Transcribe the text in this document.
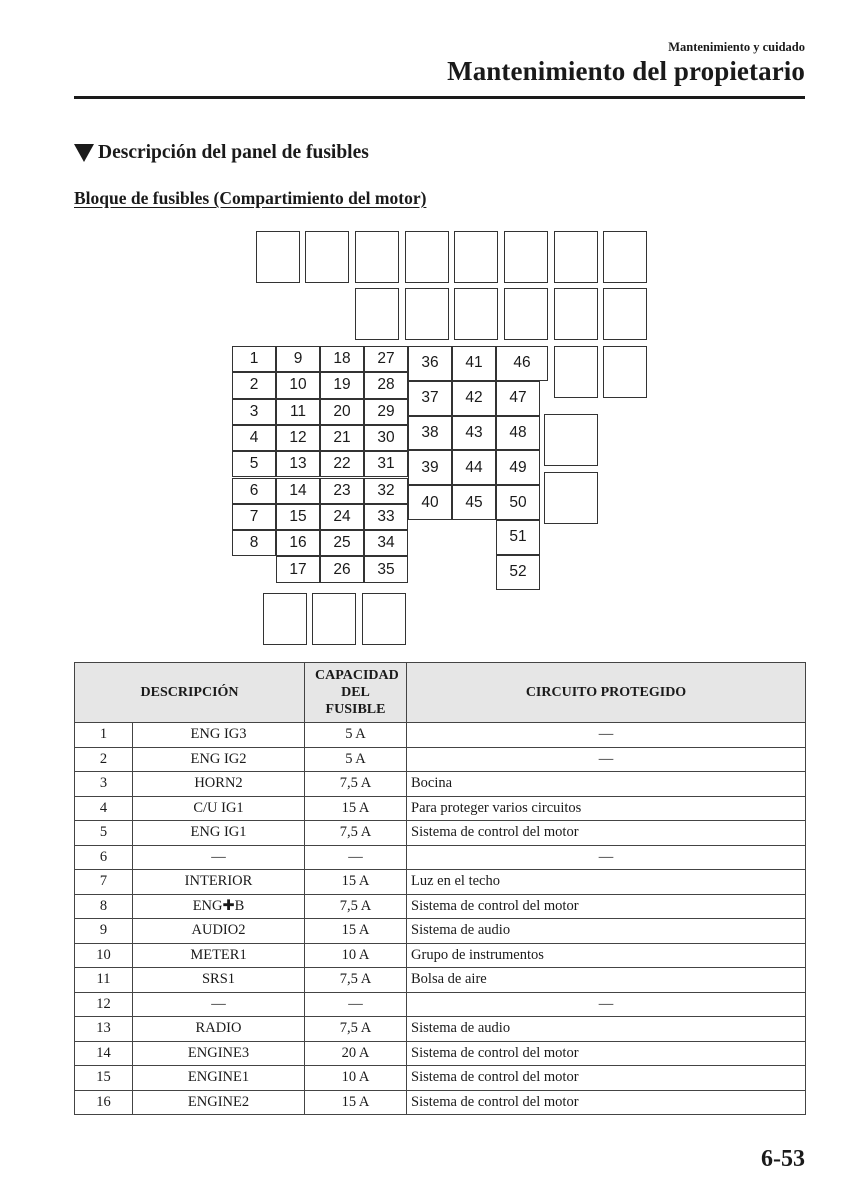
Mantenimiento y cuidado
Mantenimiento del propietario
Descripción del panel de fusibles
Bloque de fusibles (Compartimiento del motor)
1
2
3
4
5
6
7
8
9
10
11
12
13
14
15
16
17
18
19
20
21
22
23
24
25
26
27
28
29
30
31
32
33
34
35
36
37
38
39
40
41
42
43
44
45
46
47
48
49
50
51
52
DESCRIPCIÓN		CAPACIDAD DEL FUSIBLE	CIRCUITO PROTEGIDO
1	ENG IG3	5 A	—
2	ENG IG2	5 A	—
3	HORN2	7,5 A	Bocina
4	C/U IG1	15 A	Para proteger varios circuitos
5	ENG IG1	7,5 A	Sistema de control del motor
6	—	—	—
7	INTERIOR	15 A	Luz en el techo
8	ENG✚B	7,5 A	Sistema de control del motor
9	AUDIO2	15 A	Sistema de audio
10	METER1	10 A	Grupo de instrumentos
11	SRS1	7,5 A	Bolsa de aire
12	—	—	—
13	RADIO	7,5 A	Sistema de audio
14	ENGINE3	20 A	Sistema de control del motor
15	ENGINE1	10 A	Sistema de control del motor
16	ENGINE2	15 A	Sistema de control del motor
6-53
